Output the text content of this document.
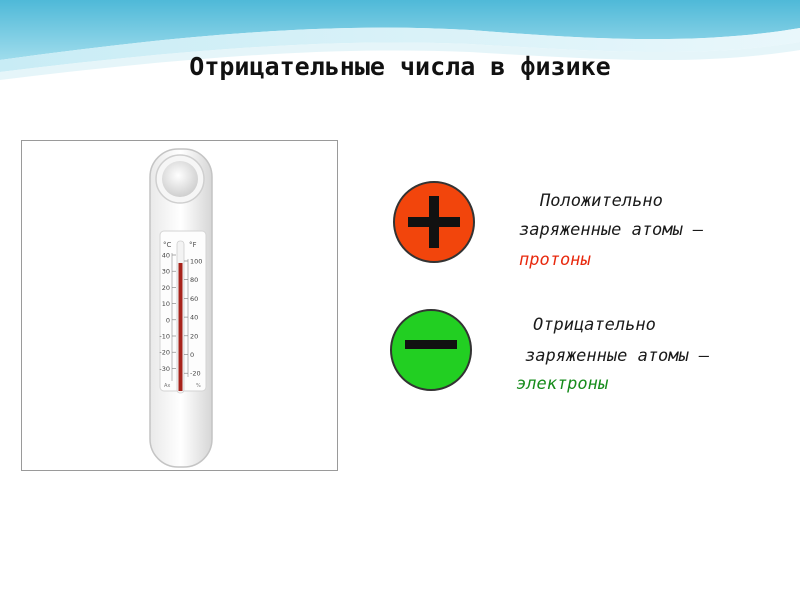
Отрицательные числа в физике
°C	°F
40
30
20
10
0
-10
-20
-30
100
80
60
40
20
0
-20
Ах	%
Положительно
заряженные атомы –
протоны
Отрицательно
заряженные атомы –
электроны
